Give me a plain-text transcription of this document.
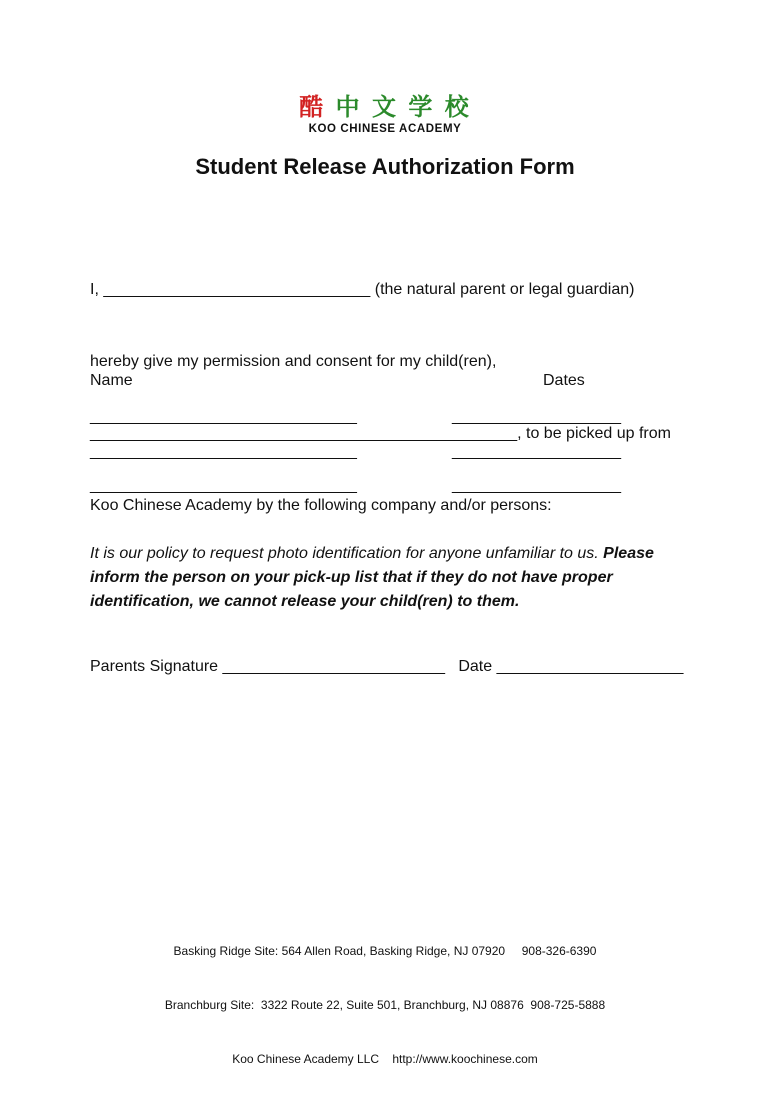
酷 中 文 学 校
KOO CHINESE ACADEMY
Student Release Authorization Form

I, ______________________________ (the natural parent or legal guardian)

hereby give my permission and consent for my child(ren),

________________________________________________, to be picked up from

Koo Chinese Academy by the following company and/or persons:

Name	Dates
______________________________	___________________
______________________________	___________________
______________________________	___________________

It is our policy to request photo identification for anyone unfamiliar to us. Please inform the person on your pick-up list that if they do not have proper identification, we cannot release your child(ren) to them.

Parents Signature _________________________   Date _____________________

Basking Ridge Site: 564 Allen Road, Basking Ridge, NJ 07920     908-326-6390

Branchburg Site:  3322 Route 22, Suite 501, Branchburg, NJ 08876  908-725-5888

Koo Chinese Academy LLC    http://www.koochinese.com
